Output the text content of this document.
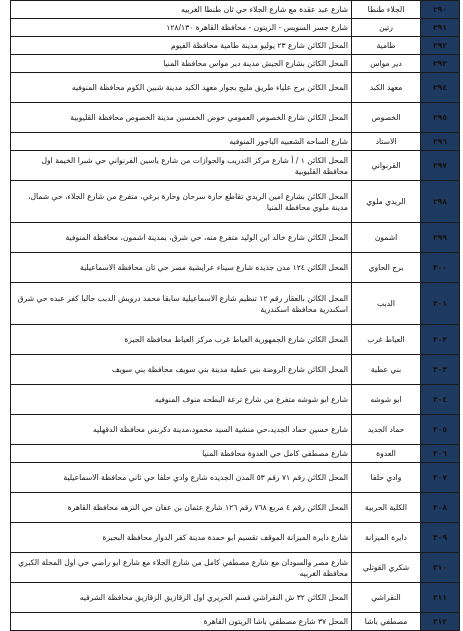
٢٩٠	الجلاء طنطا	شارع عبد عقدة مع شارع الجلاء حي ثان طنطا الغربيه
٢٩١	رتين	شارع جسر السويس - الزيتون - محافظة القاهرة ١٢٨/١٣٠
٢٩٢	طامية	المحل الكائن شارع ٢٣ يوليو مدينة طامية محافظة الفيوم
٢٩٣	دير مواس	المحل الكائن بشارع الجيش مدينة دير مواس محافظة المنيا
٢٩٤	معهد الكبد	المحل الكائن برج علياء طريق مليج بجوار معهد الكبد مدينة شبين الكوم محافظة المنوفيه
٢٩٥	الخصوص	المحل الكائن شارع الخصوص العمومي حوض الخمسين مدينة الخصوص محافظة القليوبية
٢٩٦	الاستاد	شارع الساحه الشعبيه الباجور المنوفيه
٢٩٧	القرنواني	المحل الكائن ١ / أ شارع مركز التدريب والجوازات من شارع ياسين الفرنواني حي شبرا الخيمة اول محافظة القليوبية
٢٩٨	الريدي ملوي	المحل الكائن بشارع امين الريدي تقاطع حارة سرحان وحارة برغي، متفرع من شارع الجلاء، حي شمال، مدينة ملوي محافظة المنيا
٢٩٩	اشمون	المحل الكائن شارع خالد ابن الوليد متفرع منه، حي شرق، بمدينة اشمون، محافظة المنوفية
٣٠٠	برج الحاوي	المحل الكائن ١٢٤ مدن جديده شارع سيناء عرايشية مصر حي ثان محافظة الاسماعيلية
٣٠١	الدبب	المحل الكائن بالعقار رقم ١٢ تنظيم شارع الاسماعيلية سابقا محمد درويش الدبب حاليا كفر عبده حي شرق اسكندرية محافظة اسكندرية
٣٠٢	العياط غرب	المحل الكائن شارع الجمهورية العياط غرب مركز العياط محافظة الجيزة
٣٠٣	بني عطية	المحل الكائن شارع الروضة بني عطية مدينة بني سويف محافظة بني سويف
٣٠٤	ابو شوشه	شارع ابو شوشه متفرع من شارع ترعة البطحه منوف المنوفيه
٣٠٥	حماد الجديد	شارع حسين حماد الجديد،حي منشية السيد محمود،مدينة دكرنس محافظة الدقهليه
٣٠٦	العدوة	شارع مصطفي كامل حي العدوة محافظة المنيا
٣٠٧	وادي حلفا	المحل الكائن رقم ٧١ رقم ٥٣ المدن الجديده شارع وادي حلفا حي ثاني محافظة الاسماعيلية
٣٠٨	الكلية الحربية	المحل الكائن رقم ٤ مربع ٧٦٨ رقم ١٢٦ شارع عثمان بن عفان حي النزهه محافظة القاهرة
٣٠٩	دايرة الميزانة	شارع دايرة الميزانة الموقف تقسيم ابو حمدة مدينة كفر الدوار محافظة البحيرة
٣١٠	شكري القوتلي	شارع مصر والسودان مع شارع مصطفي كامل من شارع الجلاء مع شارع ابو راضي حي اول المحلة الكبري محافظة الغربيه
٣١١	النقراشي	المحل الكائن ٣٢ ش النقراشي قسم الحريري اول الزقازيق الزقازيق محافظة الشرقيه
٣١٢	مصطفي باشا	المحل ٣٧ شارع مصطفي باشا الزيتون القاهرة
